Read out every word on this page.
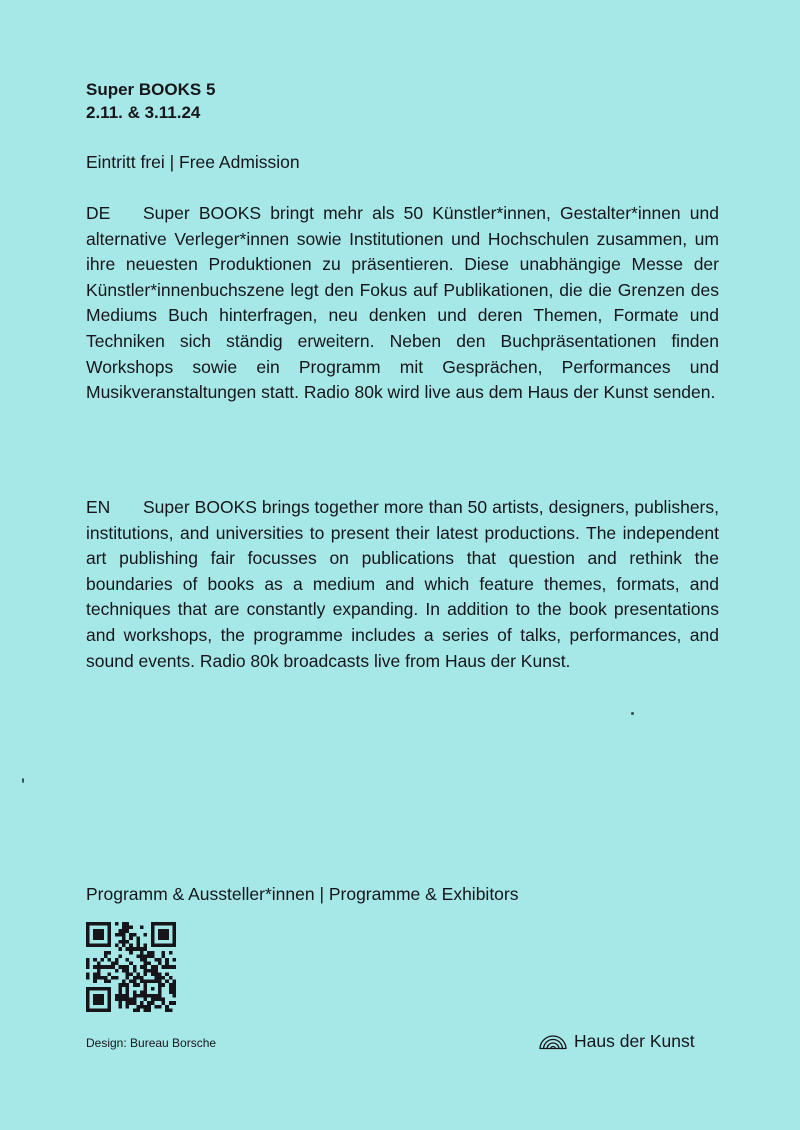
Super BOOKS 5
2.11. & 3.11.24
Eintritt frei | Free Admission
DE Super BOOKS bringt mehr als 50 Künstler*innen, Gestalter*innen und alternative Verleger*innen sowie Institutionen und Hochschulen zusammen, um ihre neuesten Produktionen zu präsentieren. Diese unabhängige Messe der Künstler*innenbuchszene legt den Fokus auf Publikationen, die die Grenzen des Mediums Buch hinterfragen, neu denken und deren Themen, Formate und Techniken sich ständig erweitern. Neben den Buchpräsentationen finden Workshops sowie ein Programm mit Gesprächen, Performances und Musikveranstaltungen statt. Radio 80k wird live aus dem Haus der Kunst senden.
EN Super BOOKS brings together more than 50 artists, designers, publishers, institutions, and universities to present their latest productions. The independent art publishing fair focusses on publications that question and rethink the boundaries of books as a medium and which feature themes, formats, and techniques that are constantly expanding. In addition to the book presentations and workshops, the programme includes a series of talks, performances, and sound events. Radio 80k broadcasts live from Haus der Kunst.
Programm & Aussteller*innen | Programme & Exhibitors
Design: Bureau Borsche	Haus der Kunst
